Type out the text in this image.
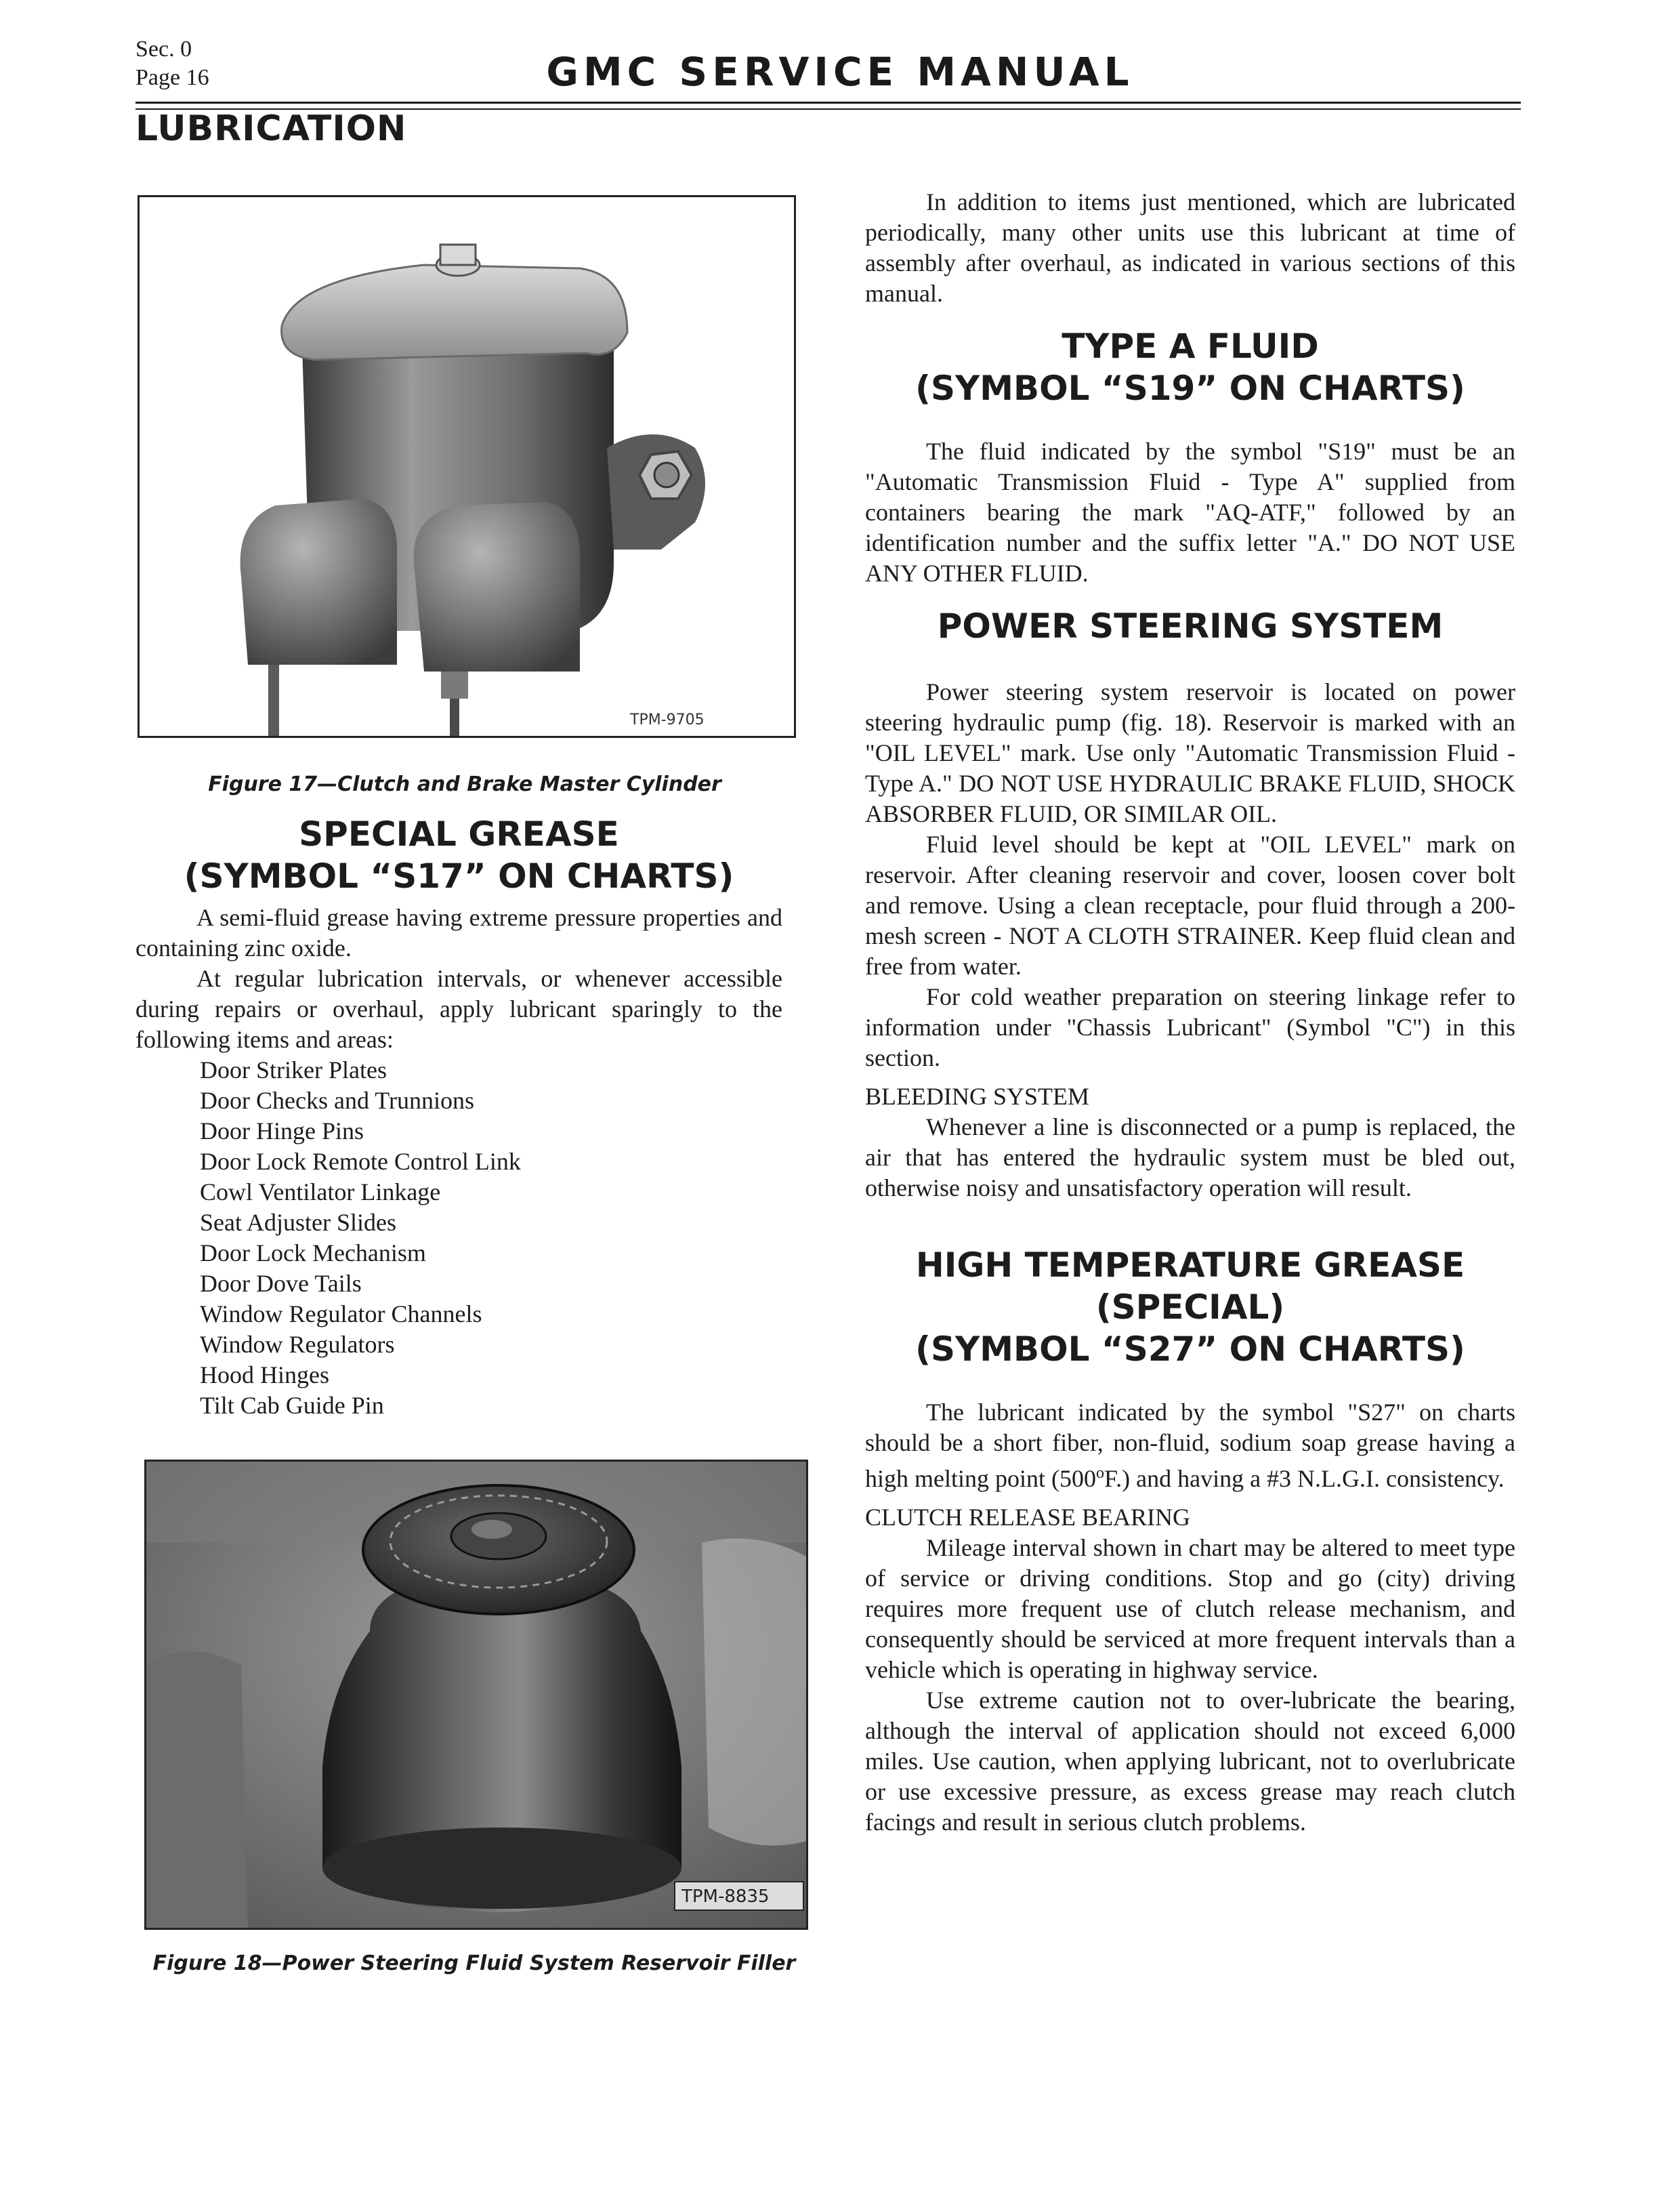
Sec. 0
Page 16	GMC SERVICE MANUAL
LUBRICATION
TPM-9705
Figure 17—Clutch and Brake Master Cylinder
SPECIAL GREASE
(SYMBOL “S17” ON CHARTS)

A semi-fluid grease having extreme pressure properties and containing zinc oxide.

At regular lubrication intervals, or whenever accessible during repairs or overhaul, apply lubricant sparingly to the following items and areas:

Door Striker Plates
Door Checks and Trunnions
Door Hinge Pins
Door Lock Remote Control Link
Cowl Ventilator Linkage
Seat Adjuster Slides
Door Lock Mechanism
Door Dove Tails
Window Regulator Channels
Window Regulators
Hood Hinges
Tilt Cab Guide Pin
TPM-8835
Figure 18—Power Steering Fluid System Reservoir Filler

In addition to items just mentioned, which are lubricated periodically, many other units use this lubricant at time of assembly after overhaul, as indicated in various sections of this manual.

TYPE A FLUID
(SYMBOL “S19” ON CHARTS)

The fluid indicated by the symbol "S19" must be an "Automatic Transmission Fluid - Type A" supplied from containers bearing the mark "AQ-ATF," followed by an identification number and the suffix letter "A." DO NOT USE ANY OTHER FLUID.

POWER STEERING SYSTEM

Power steering system reservoir is located on power steering hydraulic pump (fig. 18). Reservoir is marked with an "OIL LEVEL" mark. Use only "Automatic Transmission Fluid - Type A." DO NOT USE HYDRAULIC BRAKE FLUID, SHOCK ABSORBER FLUID, OR SIMILAR OIL.

Fluid level should be kept at "OIL LEVEL" mark on reservoir. After cleaning reservoir and cover, loosen cover bolt and remove. Using a clean receptacle, pour fluid through a 200-mesh screen - NOT A CLOTH STRAINER. Keep fluid clean and free from water.

For cold weather preparation on steering linkage refer to information under "Chassis Lubricant" (Symbol "C") in this section.

BLEEDING SYSTEM

Whenever a line is disconnected or a pump is replaced, the air that has entered the hydraulic system must be bled out, otherwise noisy and unsatisfactory operation will result.

HIGH TEMPERATURE GREASE (SPECIAL)
(SYMBOL “S27” ON CHARTS)

The lubricant indicated by the symbol "S27" on charts should be a short fiber, non-fluid, sodium soap grease having a high melting point (500$^o$F.) and having a #3 N.L.G.I. consistency.

CLUTCH RELEASE BEARING

Mileage interval shown in chart may be altered to meet type of service or driving conditions. Stop and go (city) driving requires more frequent use of clutch release mechanism, and consequently should be serviced at more frequent intervals than a vehicle which is operating in highway service.

Use extreme caution not to over-lubricate the bearing, although the interval of application should not exceed 6,000 miles. Use caution, when applying lubricant, not to overlubricate or use excessive pressure, as excess grease may reach clutch facings and result in serious clutch problems.
